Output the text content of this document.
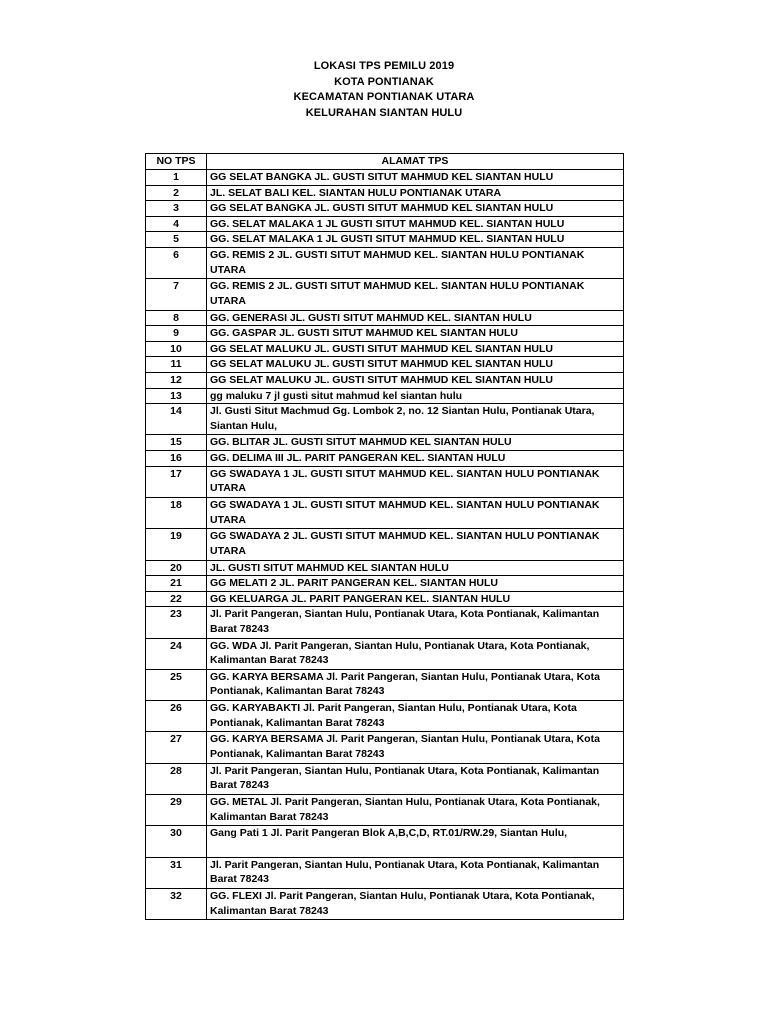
LOKASI TPS PEMILU 2019
KOTA PONTIANAK
KECAMATAN PONTIANAK UTARA
KELURAHAN SIANTAN HULU
NO TPS	ALAMAT TPS
1	GG SELAT BANGKA JL. GUSTI SITUT MAHMUD KEL SIANTAN HULU
2	JL. SELAT BALI KEL. SIANTAN HULU PONTIANAK UTARA
3	GG SELAT BANGKA JL. GUSTI SITUT MAHMUD KEL SIANTAN HULU
4	GG. SELAT MALAKA 1 JL GUSTI SITUT MAHMUD KEL. SIANTAN HULU
5	GG. SELAT MALAKA 1 JL GUSTI SITUT MAHMUD KEL. SIANTAN HULU
6	GG. REMIS 2 JL. GUSTI SITUT MAHMUD KEL. SIANTAN HULU PONTIANAK UTARA
7	GG. REMIS 2 JL. GUSTI SITUT MAHMUD KEL. SIANTAN HULU PONTIANAK UTARA
8	GG. GENERASI JL. GUSTI SITUT MAHMUD KEL. SIANTAN HULU
9	GG. GASPAR JL. GUSTI SITUT MAHMUD KEL SIANTAN HULU
10	GG SELAT MALUKU JL. GUSTI SITUT MAHMUD KEL SIANTAN HULU
11	GG SELAT MALUKU JL. GUSTI SITUT MAHMUD KEL SIANTAN HULU
12	GG SELAT MALUKU JL. GUSTI SITUT MAHMUD KEL SIANTAN HULU
13	gg maluku 7 jl gusti situt mahmud kel siantan hulu
14	Jl. Gusti Situt Machmud Gg. Lombok 2, no. 12 Siantan Hulu, Pontianak Utara, Siantan Hulu,
15	GG. BLITAR JL. GUSTI SITUT MAHMUD KEL SIANTAN HULU
16	GG. DELIMA III JL. PARIT PANGERAN KEL. SIANTAN HULU
17	GG SWADAYA 1 JL. GUSTI SITUT MAHMUD KEL. SIANTAN HULU PONTIANAK UTARA
18	GG SWADAYA 1 JL. GUSTI SITUT MAHMUD KEL. SIANTAN HULU PONTIANAK UTARA
19	GG SWADAYA 2 JL. GUSTI SITUT MAHMUD KEL. SIANTAN HULU PONTIANAK UTARA
20	JL. GUSTI SITUT MAHMUD KEL SIANTAN HULU
21	GG MELATI 2 JL. PARIT PANGERAN KEL. SIANTAN HULU
22	GG KELUARGA JL. PARIT PANGERAN KEL. SIANTAN HULU
23	Jl. Parit Pangeran, Siantan Hulu, Pontianak Utara, Kota Pontianak, Kalimantan Barat 78243
24	GG. WDA Jl. Parit Pangeran, Siantan Hulu, Pontianak Utara, Kota Pontianak, Kalimantan Barat 78243
25	GG. KARYA BERSAMA Jl. Parit Pangeran, Siantan Hulu, Pontianak Utara, Kota Pontianak, Kalimantan Barat 78243
26	GG. KARYABAKTI Jl. Parit Pangeran, Siantan Hulu, Pontianak Utara, Kota Pontianak, Kalimantan Barat 78243
27	GG. KARYA BERSAMA Jl. Parit Pangeran, Siantan Hulu, Pontianak Utara, Kota Pontianak, Kalimantan Barat 78243
28	Jl. Parit Pangeran, Siantan Hulu, Pontianak Utara, Kota Pontianak, Kalimantan Barat 78243
29	GG. METAL Jl. Parit Pangeran, Siantan Hulu, Pontianak Utara, Kota Pontianak, Kalimantan Barat 78243
30	Gang Pati 1 Jl. Parit Pangeran Blok A,B,C,D, RT.01/RW.29, Siantan Hulu,
31	Jl. Parit Pangeran, Siantan Hulu, Pontianak Utara, Kota Pontianak, Kalimantan Barat 78243
32	GG. FLEXI Jl. Parit Pangeran, Siantan Hulu, Pontianak Utara, Kota Pontianak, Kalimantan Barat 78243
